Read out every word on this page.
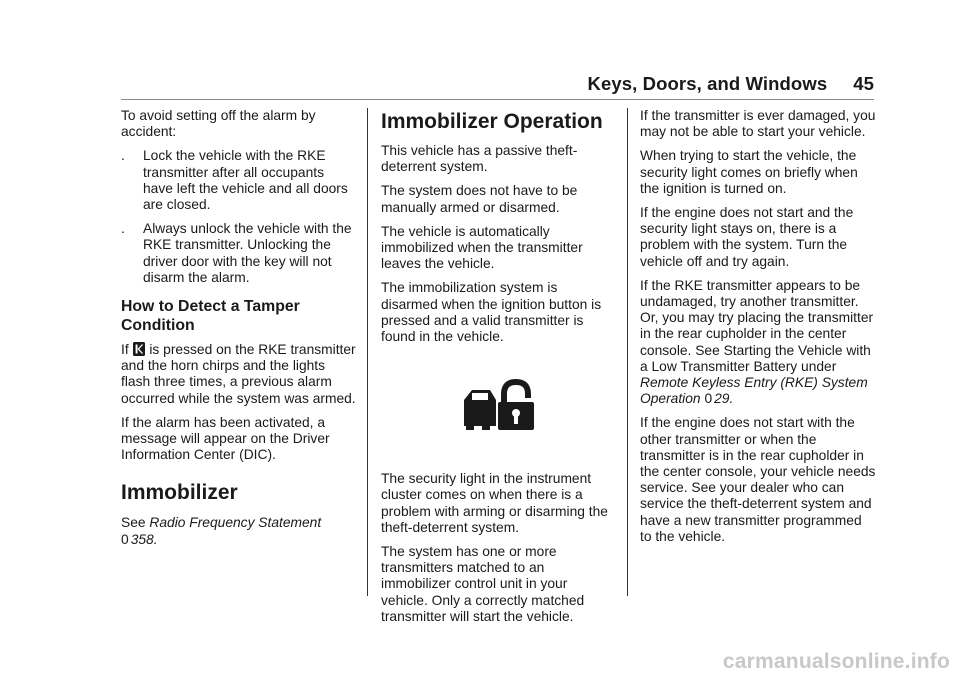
Keys, Doors, and Windows 45

To avoid setting off the alarm by accident:

.	Lock the vehicle with the RKE transmitter after all occupants have left the vehicle and all doors are closed.
.	Always unlock the vehicle with the RKE transmitter. Unlocking the driver door with the key will not disarm the alarm.
How to Detect a Tamper Condition

If is pressed on the RKE transmitter and the horn chirps and the lights flash three times, a previous alarm occurred while the system was armed.

If the alarm has been activated, a message will appear on the Driver Information Center (DIC).

Immobilizer

See Radio Frequency Statement
0 358.

Immobilizer Operation

This vehicle has a passive theft-deterrent system.

The system does not have to be manually armed or disarmed.

The vehicle is automatically immobilized when the transmitter leaves the vehicle.

The immobilization system is disarmed when the ignition button is pressed and a valid transmitter is found in the vehicle.

The security light in the instrument cluster comes on when there is a problem with arming or disarming the theft-deterrent system.

The system has one or more transmitters matched to an immobilizer control unit in your vehicle. Only a correctly matched transmitter will start the vehicle.

If the transmitter is ever damaged, you may not be able to start your vehicle.

When trying to start the vehicle, the security light comes on briefly when the ignition is turned on.

If the engine does not start and the security light stays on, there is a problem with the system. Turn the vehicle off and try again.

If the RKE transmitter appears to be undamaged, try another transmitter. Or, you may try placing the transmitter in the rear cupholder in the center console. See Starting the Vehicle with a Low Transmitter Battery under Remote Keyless Entry (RKE) System Operation 0 29.

If the engine does not start with the other transmitter or when the transmitter is in the rear cupholder in the center console, your vehicle needs service. See your dealer who can service the theft-deterrent system and have a new transmitter programmed to the vehicle.

carmanualsonline.info
